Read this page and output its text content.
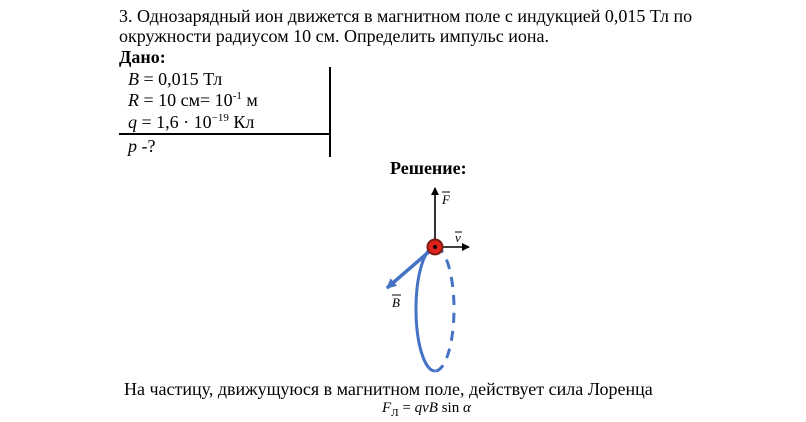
3. Однозарядный ион движется в магнитном поле с индукцией 0,015 Тл по
окружности радиусом 10 см. Определить импульс иона.
Дано:
B = 0,015 Тл
R = 10 $см= 10^{-1}$ м
$q = 1,6 \cdot 10^{-19}$ Кл
p -?
Решение:
F
v
B
На частицу, движущуюся в магнитном поле, действует сила Лоренца
$F_Л$ = qvB sin α
